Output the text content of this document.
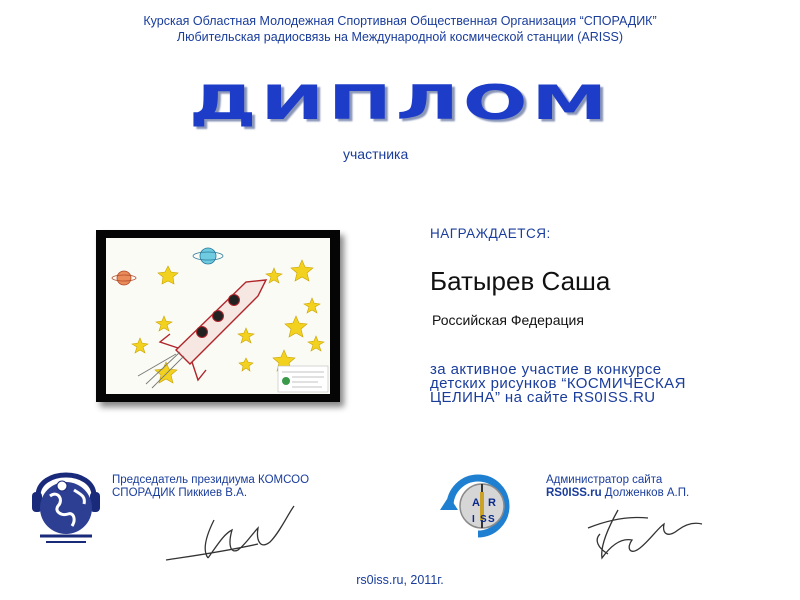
Курская Областная Молодежная Спортивная Общественная Организация “СПОРАДИК”
Любительская радиосвязь на Международной космической станции (ARISS)
ДИПЛОМ
участника
НАГРАЖДАЕТСЯ:
Батырев Саша
Российская Федерация
за активное участие в конкурсе
детских рисунков “КОСМИЧЕСКАЯ
ЦЕЛИНА” на сайте RS0ISS.RU
Председатель президиума КОМСОО
СПОРАДИК Пиккиев В.А.
A R
I S S
Администратор сайта
RS0ISS.ru Долженков А.П.
rs0iss.ru, 2011г.
